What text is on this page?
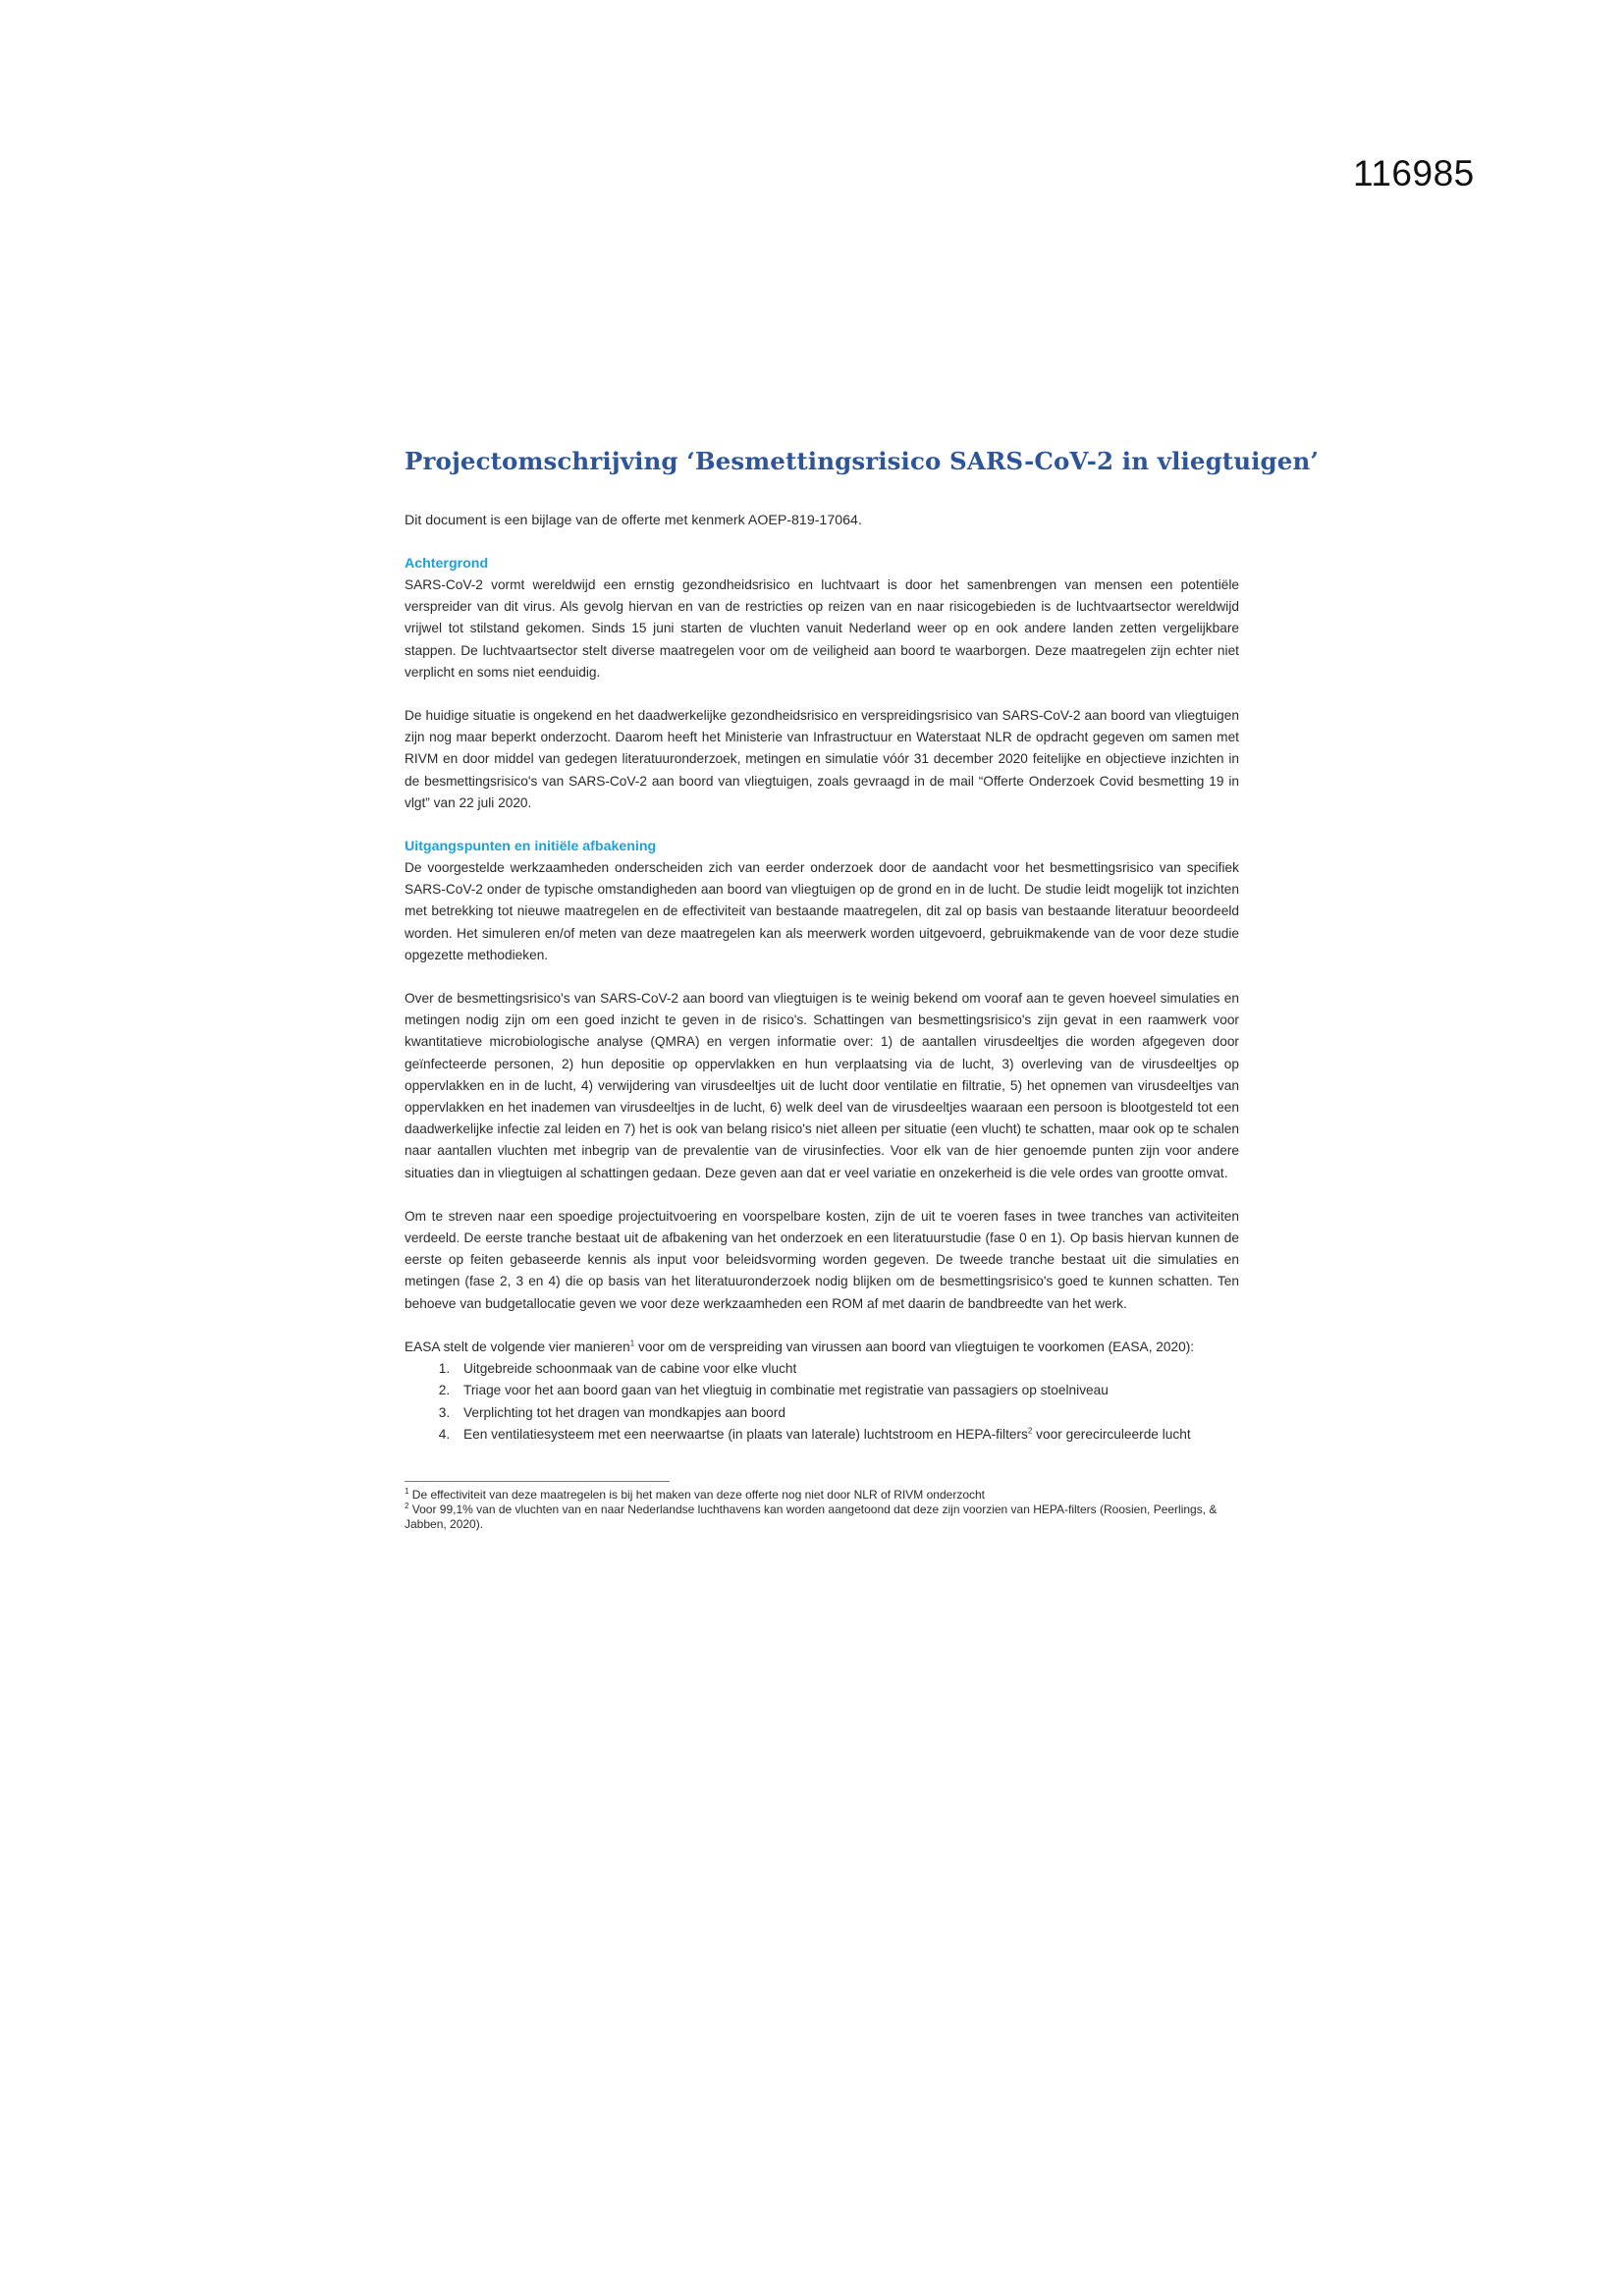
116985
Projectomschrijving ‘Besmettingsrisico SARS-CoV-2 in vliegtuigen’

Dit document is een bijlage van de offerte met kenmerk AOEP-819-17064.

Achtergrond

SARS-CoV-2 vormt wereldwijd een ernstig gezondheidsrisico en luchtvaart is door het samenbrengen van mensen een potentiële verspreider van dit virus. Als gevolg hiervan en van de restricties op reizen van en naar risicogebieden is de luchtvaartsector wereldwijd vrijwel tot stilstand gekomen. Sinds 15 juni starten de vluchten vanuit Nederland weer op en ook andere landen zetten vergelijkbare stappen. De luchtvaartsector stelt diverse maatregelen voor om de veiligheid aan boord te waarborgen. Deze maatregelen zijn echter niet verplicht en soms niet eenduidig.

De huidige situatie is ongekend en het daadwerkelijke gezondheidsrisico en verspreidingsrisico van SARS-CoV-2 aan boord van vliegtuigen zijn nog maar beperkt onderzocht. Daarom heeft het Ministerie van Infrastructuur en Waterstaat NLR de opdracht gegeven om samen met RIVM en door middel van gedegen literatuuronderzoek, metingen en simulatie vóór 31 december 2020 feitelijke en objectieve inzichten in de besmettingsrisico's van SARS-CoV-2 aan boord van vliegtuigen, zoals gevraagd in de mail “Offerte Onderzoek Covid besmetting 19 in vlgt” van 22 juli 2020.

Uitgangspunten en initiële afbakening

De voorgestelde werkzaamheden onderscheiden zich van eerder onderzoek door de aandacht voor het besmettingsrisico van specifiek SARS-CoV-2 onder de typische omstandigheden aan boord van vliegtuigen op de grond en in de lucht. De studie leidt mogelijk tot inzichten met betrekking tot nieuwe maatregelen en de effectiviteit van bestaande maatregelen, dit zal op basis van bestaande literatuur beoordeeld worden. Het simuleren en/of meten van deze maatregelen kan als meerwerk worden uitgevoerd, gebruikmakende van de voor deze studie opgezette methodieken.

Over de besmettingsrisico's van SARS-CoV-2 aan boord van vliegtuigen is te weinig bekend om vooraf aan te geven hoeveel simulaties en metingen nodig zijn om een goed inzicht te geven in de risico's. Schattingen van besmettingsrisico's zijn gevat in een raamwerk voor kwantitatieve microbiologische analyse (QMRA) en vergen informatie over: 1) de aantallen virusdeeltjes die worden afgegeven door geïnfecteerde personen, 2) hun depositie op oppervlakken en hun verplaatsing via de lucht, 3) overleving van de virusdeeltjes op oppervlakken en in de lucht, 4) verwijdering van virusdeeltjes uit de lucht door ventilatie en filtratie, 5) het opnemen van virusdeeltjes van oppervlakken en het inademen van virusdeeltjes in de lucht, 6) welk deel van de virusdeeltjes waaraan een persoon is blootgesteld tot een daadwerkelijke infectie zal leiden en 7) het is ook van belang risico's niet alleen per situatie (een vlucht) te schatten, maar ook op te schalen naar aantallen vluchten met inbegrip van de prevalentie van de virusinfecties. Voor elk van de hier genoemde punten zijn voor andere situaties dan in vliegtuigen al schattingen gedaan. Deze geven aan dat er veel variatie en onzekerheid is die vele ordes van grootte omvat.

Om te streven naar een spoedige projectuitvoering en voorspelbare kosten, zijn de uit te voeren fases in twee tranches van activiteiten verdeeld. De eerste tranche bestaat uit de afbakening van het onderzoek en een literatuurstudie (fase 0 en 1). Op basis hiervan kunnen de eerste op feiten gebaseerde kennis als input voor beleidsvorming worden gegeven. De tweede tranche bestaat uit die simulaties en metingen (fase 2, 3 en 4) die op basis van het literatuuronderzoek nodig blijken om de besmettingsrisico's goed te kunnen schatten. Ten behoeve van budgetallocatie geven we voor deze werkzaamheden een ROM af met daarin de bandbreedte van het werk.

EASA stelt de volgende vier manieren$^1$ voor om de verspreiding van virussen aan boord van vliegtuigen te voorkomen (EASA, 2020):

1. Uitgebreide schoonmaak van de cabine voor elke vlucht
2. Triage voor het aan boord gaan van het vliegtuig in combinatie met registratie van passagiers op stoelniveau
3. Verplichting tot het dragen van mondkapjes aan boord
4. Een ventilatiesysteem met een neerwaartse (in plaats van laterale) luchtstroom en HEPA-filters$^2$ voor gerecirculeerde lucht

$^1$ De effectiviteit van deze maatregelen is bij het maken van deze offerte nog niet door NLR of RIVM onderzocht

$^2$ Voor 99,1% van de vluchten van en naar Nederlandse luchthavens kan worden aangetoond dat deze zijn voorzien van HEPA-filters (Roosien, Peerlings, & Jabben, 2020).
